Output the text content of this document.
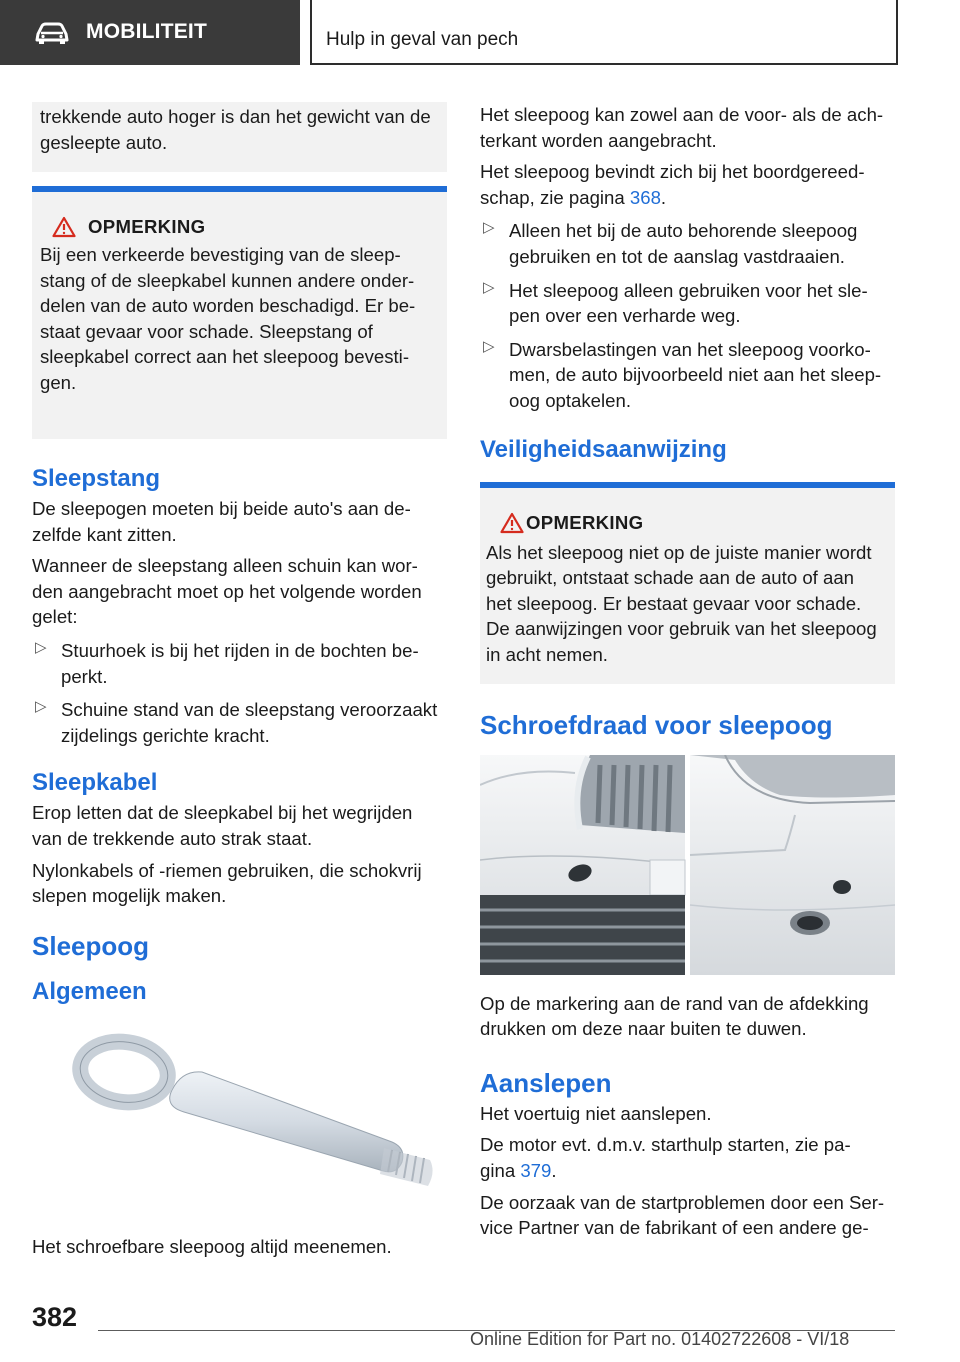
MOBILITEIT	Hulp in geval van pech

trekkende auto hoger is dan het gewicht van de gesleepte auto.

OPMERKING

Bij een verkeerde bevestiging van de sleep-

stang of de sleepkabel kunnen andere onder-

delen van de auto worden beschadigd. Er be-

staat gevaar voor schade. Sleepstang of

sleepkabel correct aan het sleepoog bevesti-

gen.

Sleepstang

De sleepogen moeten bij beide auto's aan de-

zelfde kant zitten.

Wanneer de sleepstang alleen schuin kan wor-

den aangebracht moet op het volgende worden

gelet:

▷ Stuurhoek is bij het rijden in de bochten be-

perkt.

▷ Schuine stand van de sleepstang veroorzaakt

zijdelings gerichte kracht.

Sleepkabel

Erop letten dat de sleepkabel bij het wegrijden

van de trekkende auto strak staat.

Nylonkabels of -riemen gebruiken, die schokvrij

slepen mogelijk maken.

Sleepoog
Algemeen

Het schroefbare sleepoog altijd meenemen.

Het sleepoog kan zowel aan de voor- als de ach-

terkant worden aangebracht.

Het sleepoog bevindt zich bij het boordgereed-

schap, zie pagina 368.

▷ Alleen het bij de auto behorende sleepoog

gebruiken en tot de aanslag vastdraaien.

▷ Het sleepoog alleen gebruiken voor het sle-

pen over een verharde weg.

▷ Dwarsbelastingen van het sleepoog voorko-

men, de auto bijvoorbeeld niet aan het sleep-

oog optakelen.

Veiligheidsaanwijzing
OPMERKING

Als het sleepoog niet op de juiste manier wordt

gebruikt, ontstaat schade aan de auto of aan

het sleepoog. Er bestaat gevaar voor schade.

De aanwijzingen voor gebruik van het sleepoog

in acht nemen.

Schroefdraad voor sleepoog

Op de markering aan de rand van de afdekking

drukken om deze naar buiten te duwen.

Aanslepen

Het voertuig niet aanslepen.

De motor evt. d.m.v. starthulp starten, zie pa-

gina 379.

De oorzaak van de startproblemen door een Ser-

vice Partner van de fabrikant of een andere ge-

382
Online Edition for Part no. 01402722608 - VI/18
